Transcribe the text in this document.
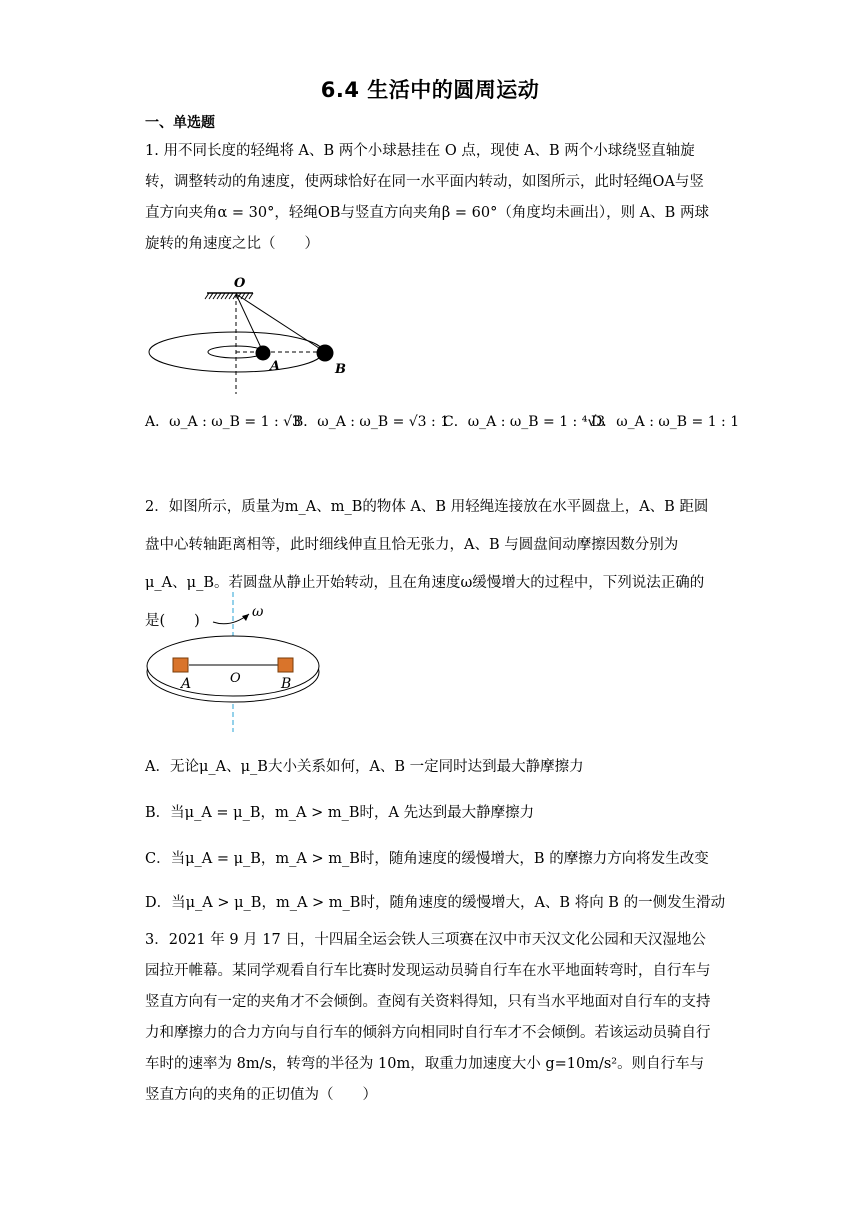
6.4 生活中的圆周运动
一、单选题
1. 用不同长度的轻绳将 A、B 两个小球悬挂在 O 点，现使 A、B 两个小球绕竖直轴旋转，调整转动的角速度，使两球恰好在同一水平面内转动，如图所示，此时轻绳OA与竖直方向夹角α = 30°，轻绳OB与竖直方向夹角β = 60°（角度均未画出），则 A、B 两球旋转的角速度之比（　　）
O
A	B
A．ω_A : ω_B = 1 : √3
B．ω_A : ω_B = √3 : 1
C．ω_A : ω_B = 1 : ⁴√3
D．ω_A : ω_B = 1 : 1
2．如图所示，质量为m_A、m_B的物体 A、B 用轻绳连接放在水平圆盘上，A、B 距圆盘中心转轴距离相等，此时细线伸直且恰无张力，A、B 与圆盘间动摩擦因数分别为μ_A、μ_B。若圆盘从静止开始转动，且在角速度ω缓慢增大的过程中，下列说法正确的是(　　)
ω
A	O	B
A．无论μ_A、μ_B大小关系如何，A、B 一定同时达到最大静摩擦力
B．当μ_A = μ_B，m_A > m_B时，A 先达到最大静摩擦力
C．当μ_A = μ_B，m_A > m_B时，随角速度的缓慢增大，B 的摩擦力方向将发生改变
D．当μ_A > μ_B，m_A > m_B时，随角速度的缓慢增大，A、B 将向 B 的一侧发生滑动
3．2021 年 9 月 17 日，十四届全运会铁人三项赛在汉中市天汉文化公园和天汉湿地公园拉开帷幕。某同学观看自行车比赛时发现运动员骑自行车在水平地面转弯时，自行车与竖直方向有一定的夹角才不会倾倒。查阅有关资料得知，只有当水平地面对自行车的支持力和摩擦力的合力方向与自行车的倾斜方向相同时自行车才不会倾倒。若该运动员骑自行车时的速率为 8m/s，转弯的半径为 10m，取重力加速度大小 g=10m/s²。则自行车与竖直方向的夹角的正切值为（　　）
